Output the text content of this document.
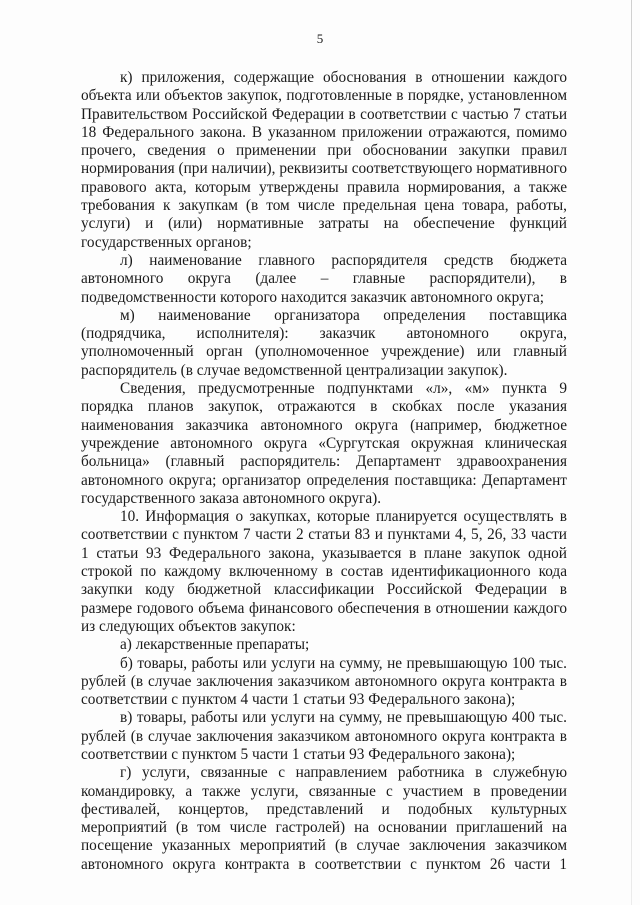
5

к) приложения, содержащие обоснования в отношении каждого объекта или объектов закупок, подготовленные в порядке, установленном Правительством Российской Федерации в соответствии с частью 7 статьи 18 Федерального закона. В указанном приложении отражаются, помимо прочего, сведения о применении при обосновании закупки правил нормирования (при наличии), реквизиты соответствующего нормативного правового акта, которым утверждены правила нормирования, а также требования к закупкам (в том числе предельная цена товара, работы, услуги) и (или) нормативные затраты на обеспечение функций государственных органов;

л) наименование главного распорядителя средств бюджета автономного округа (далее – главные распорядители), в подведомственности которого находится заказчик автономного округа;

м) наименование организатора определения поставщика (подрядчика, исполнителя): заказчик автономного округа, уполномоченный орган (уполномоченное учреждение) или главный распорядитель (в случае ведомственной централизации закупок).

Сведения, предусмотренные подпунктами «л», «м» пункта 9 порядка планов закупок, отражаются в скобках после указания наименования заказчика автономного округа (например, бюджетное учреждение автономного округа «Сургутская окружная клиническая больница» (главный распорядитель: Департамент здравоохранения автономного округа; организатор определения поставщика: Департамент государственного заказа автономного округа).

10. Информация о закупках, которые планируется осуществлять в соответствии с пунктом 7 части 2 статьи 83 и пунктами 4, 5, 26, 33 части 1 статьи 93 Федерального закона, указывается в плане закупок одной строкой по каждому включенному в состав идентификационного кода закупки коду бюджетной классификации Российской Федерации в размере годового объема финансового обеспечения в отношении каждого из следующих объектов закупок:

а) лекарственные препараты;

б) товары, работы или услуги на сумму, не превышающую 100 тыс. рублей (в случае заключения заказчиком автономного округа контракта в соответствии с пунктом 4 части 1 статьи 93 Федерального закона);

в) товары, работы или услуги на сумму, не превышающую 400 тыс. рублей (в случае заключения заказчиком автономного округа контракта в соответствии с пунктом 5 части 1 статьи 93 Федерального закона);

г) услуги, связанные с направлением работника в служебную командировку, а также услуги, связанные с участием в проведении фестивалей, концертов, представлений и подобных культурных мероприятий (в том числе гастролей) на основании приглашений на посещение указанных мероприятий (в случае заключения заказчиком автономного округа контракта в соответствии с пунктом 26 части 1
